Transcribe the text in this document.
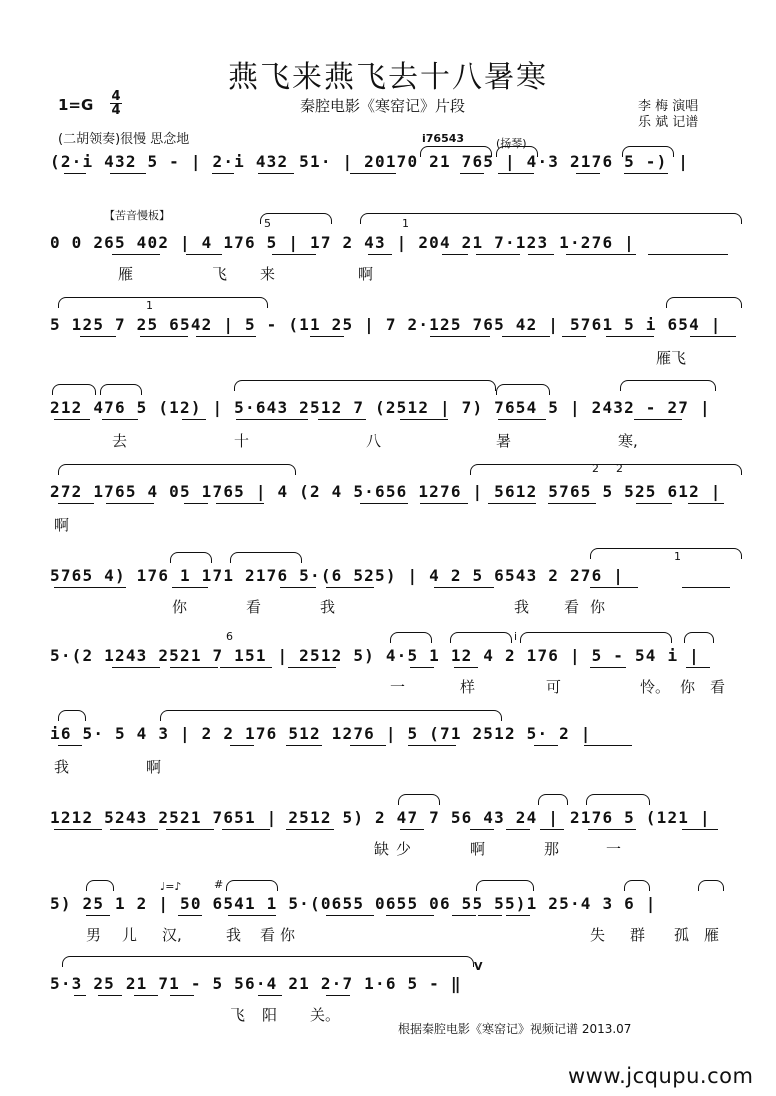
燕飞来燕飞去十八暑寒
1=G 4
4	秦腔电影《寒窑记》片段	李 梅 演唱
乐 斌 记谱
(二胡领奏)很慢 思念地	(扬琴)
i76543
(2·i 432 5 - | 2·i 432 51· | 20170 21 765 | 4·3 2176 5 -) |
【苦音慢板】
5	1
0 0 265 402 | 4 176 5 | 17 2 43 | 204 21 7·123 1·276 |
雁	飞 来	啊
1
5 125 7 25 6542 | 5 - (11 25 | 7 2·125 765 42 | 5761 5 i 654 |
雁飞
212 476 5 (12) | 5·643 2512 7 (2512 | 7) 7654 5 | 2432 - 27 |
去	十	八	暑	寒,
2 2
272 1765 4 05 1765 | 4 (2 4 5·656 1276 | 5612 5765 5 525 612 |
啊
1
5765 4) 176 1 171 2176 5·(6 525) | 4 2 5 6543 2 276 |
你	看	我	我 看 你
6	i
5·(2 1243 2521 7 151 | 2512 5) 4·5 1 12 4 2 176 | 5 - 54 i |
一	样	可	怜。 你 看
i6 5· 5 4 3 | 2 2 176 512 1276 | 5 (71 2512 5· 2 |
我	啊
1212 5243 2521 7651 | 2512 5) 2 47 7 56 43 24 | 2176 5 (121 |
缺 少	啊	那	一
♩=♪	#
5) 25 1 2 | 50 6541 1 5·(0655 0655 06 55 55)1 25·4 3 6 |
男 儿 汉,	我 看 你	失 群 孤 雁
V
5·3 25 21 71 - 5 56·4 21 2·7 1·6 5 - ‖
飞 阳 关。
根据秦腔电影《寒窑记》视频记谱 2013.07
www.jcqupu.com
